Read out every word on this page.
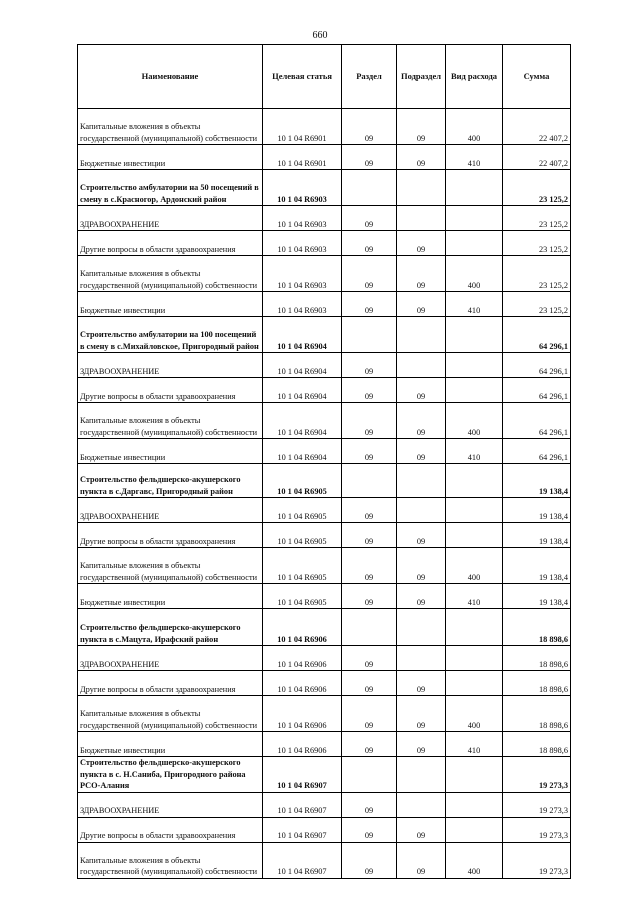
660
Наименование	Целевая статья	Раздел	Подраздел	Вид расхода	Сумма
Капитальные вложения в объекты государственной (муниципальной) собственности	10 1 04 R6901	09	09	400	22 407,2
Бюджетные инвестиции	10 1 04 R6901	09	09	410	22 407,2
Строительство амбулатории на 50 посещений в смену в с.Красногор, Ардонский район	10 1 04 R6903				23 125,2
ЗДРАВООХРАНЕНИЕ	10 1 04 R6903	09			23 125,2
Другие вопросы в области здравоохранения	10 1 04 R6903	09	09		23 125,2
Капитальные вложения в объекты государственной (муниципальной) собственности	10 1 04 R6903	09	09	400	23 125,2
Бюджетные инвестиции	10 1 04 R6903	09	09	410	23 125,2
Строительство амбулатории на 100 посещений в смену в с.Михайловское, Пригородный район	10 1 04 R6904				64 296,1
ЗДРАВООХРАНЕНИЕ	10 1 04 R6904	09			64 296,1
Другие вопросы в области здравоохранения	10 1 04 R6904	09	09		64 296,1
Капитальные вложения в объекты государственной (муниципальной) собственности	10 1 04 R6904	09	09	400	64 296,1
Бюджетные инвестиции	10 1 04 R6904	09	09	410	64 296,1
Строительство фельдшерско-акушерского пункта в с.Даргавс, Пригородный район	10 1 04 R6905				19 138,4
ЗДРАВООХРАНЕНИЕ	10 1 04 R6905	09			19 138,4
Другие вопросы в области здравоохранения	10 1 04 R6905	09	09		19 138,4
Капитальные вложения в объекты государственной (муниципальной) собственности	10 1 04 R6905	09	09	400	19 138,4
Бюджетные инвестиции	10 1 04 R6905	09	09	410	19 138,4
Строительство фельдшерско-акушерского пункта в с.Мацута, Ирафский район	10 1 04 R6906				18 898,6
ЗДРАВООХРАНЕНИЕ	10 1 04 R6906	09			18 898,6
Другие вопросы в области здравоохранения	10 1 04 R6906	09	09		18 898,6
Капитальные вложения в объекты государственной (муниципальной) собственности	10 1 04 R6906	09	09	400	18 898,6
Бюджетные инвестиции	10 1 04 R6906	09	09	410	18 898,6
Строительство фельдшерско-акушерского пункта в с. Н.Саниба, Пригородного района РСО-Алания	10 1 04 R6907				19 273,3
ЗДРАВООХРАНЕНИЕ	10 1 04 R6907	09			19 273,3
Другие вопросы в области здравоохранения	10 1 04 R6907	09	09		19 273,3
Капитальные вложения в объекты государственной (муниципальной) собственности	10 1 04 R6907	09	09	400	19 273,3
